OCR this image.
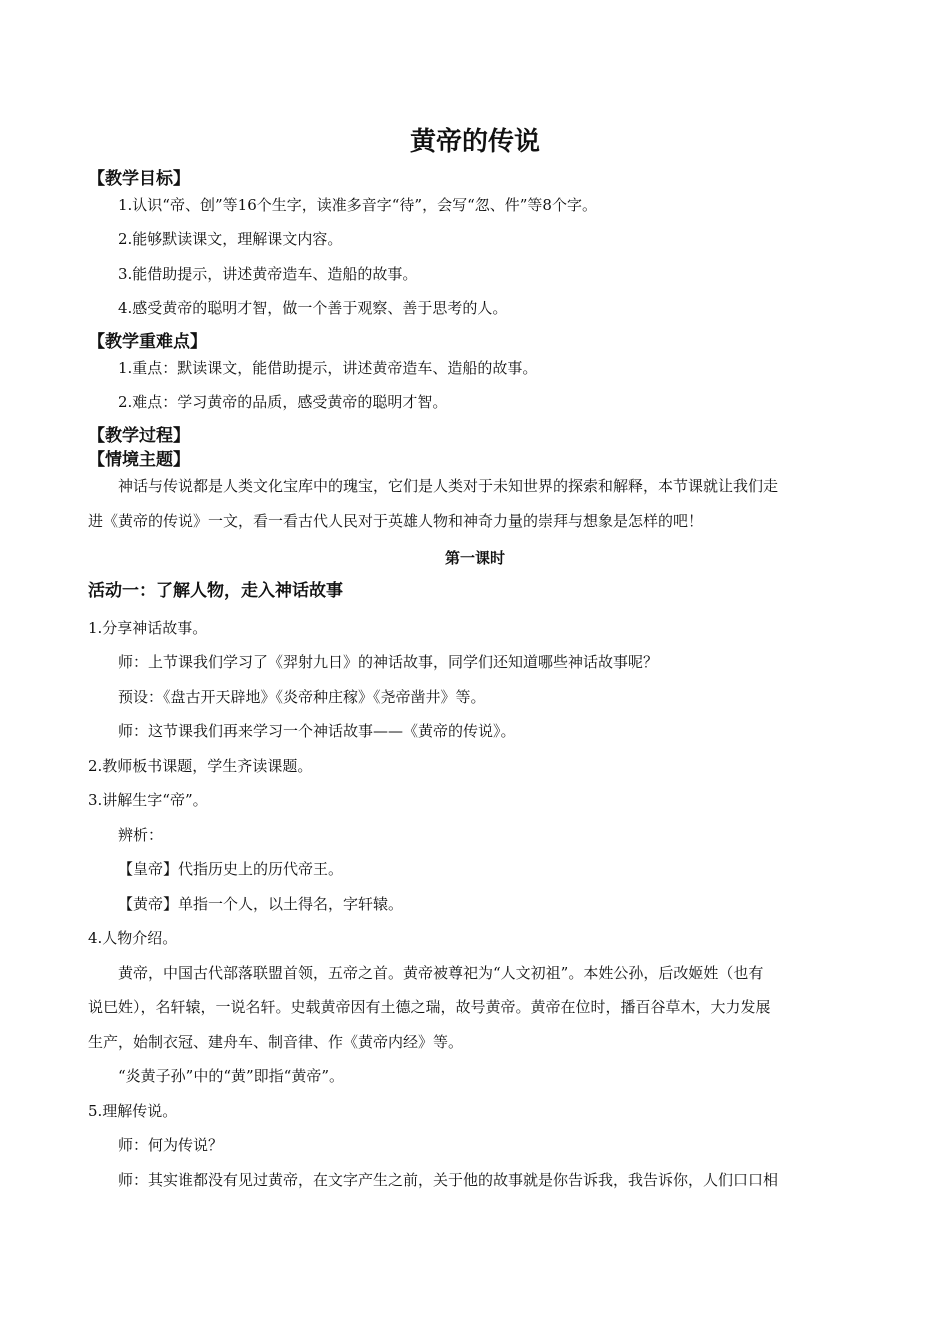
黄帝的传说
【教学目标】
1.认识“帝、创”等16个生字，读准多音字“待”，会写“忽、件”等8个字。
2.能够默读课文，理解课文内容。
3.能借助提示，讲述黄帝造车、造船的故事。
4.感受黄帝的聪明才智，做一个善于观察、善于思考的人。
【教学重难点】
1.重点：默读课文，能借助提示，讲述黄帝造车、造船的故事。
2.难点：学习黄帝的品质，感受黄帝的聪明才智。
【教学过程】
【情境主题】
神话与传说都是人类文化宝库中的瑰宝，它们是人类对于未知世界的探索和解释，本节课就让我们走
进《黄帝的传说》一文，看一看古代人民对于英雄人物和神奇力量的崇拜与想象是怎样的吧！
第一课时
活动一：了解人物，走入神话故事
1.分享神话故事。
师：上节课我们学习了《羿射九日》的神话故事，同学们还知道哪些神话故事呢？
预设：《盘古开天辟地》《炎帝种庄稼》《尧帝凿井》等。
师：这节课我们再来学习一个神话故事——《黄帝的传说》。
2.教师板书课题，学生齐读课题。
3.讲解生字“帝”。
辨析：
【皇帝】代指历史上的历代帝王。
【黄帝】单指一个人，以土得名，字轩辕。
4.人物介绍。
黄帝，中国古代部落联盟首领，五帝之首。黄帝被尊祀为“人文初祖”。本姓公孙，后改姬姓（也有
说巳姓），名轩辕，一说名轩。史载黄帝因有土德之瑞，故号黄帝。黄帝在位时，播百谷草木，大力发展
生产，始制衣冠、建舟车、制音律、作《黄帝内经》等。
“炎黄子孙”中的“黄”即指“黄帝”。
5.理解传说。
师：何为传说？
师：其实谁都没有见过黄帝，在文字产生之前，关于他的故事就是你告诉我，我告诉你，人们口口相
